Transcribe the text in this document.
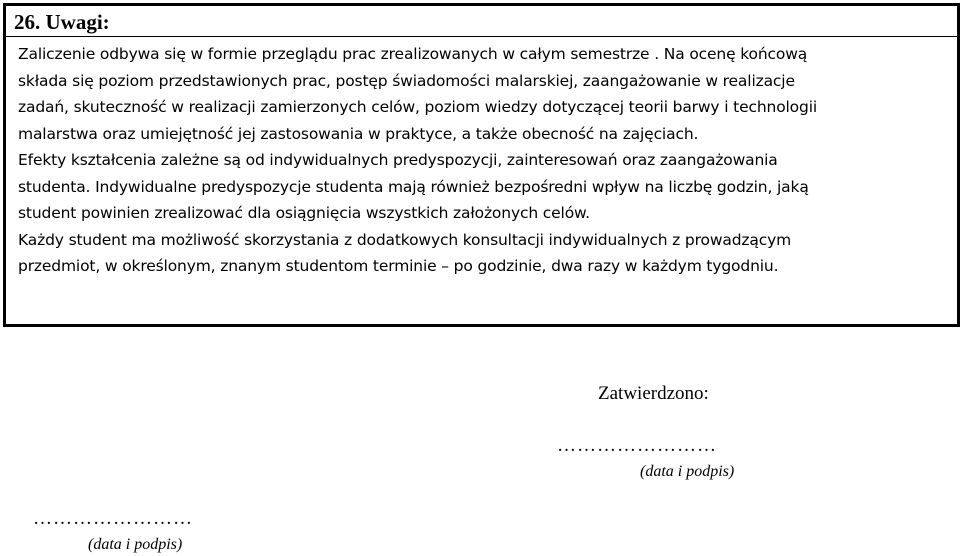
26. Uwagi:
Zaliczenie odbywa się w formie przeglądu prac zrealizowanych w całym semestrze . Na ocenę końcową
składa się poziom przedstawionych prac, postęp świadomości malarskiej, zaangażowanie w realizacje
zadań, skuteczność w realizacji zamierzonych celów, poziom wiedzy dotyczącej teorii barwy i technologii
malarstwa oraz umiejętność jej zastosowania w praktyce, a także obecność na zajęciach.
Efekty kształcenia zależne są od indywidualnych predyspozycji, zainteresowań oraz zaangażowania
studenta. Indywidualne predyspozycje studenta mają również bezpośredni wpływ na liczbę godzin, jaką
student powinien zrealizować dla osiągnięcia wszystkich założonych celów.
Każdy student ma możliwość skorzystania z dodatkowych konsultacji indywidualnych z prowadzącym
przedmiot, w określonym, znanym studentom terminie – po godzinie, dwa razy w każdym tygodniu.
Zatwierdzono:
……………………
(data i podpis)
……………………
(data i podpis)
